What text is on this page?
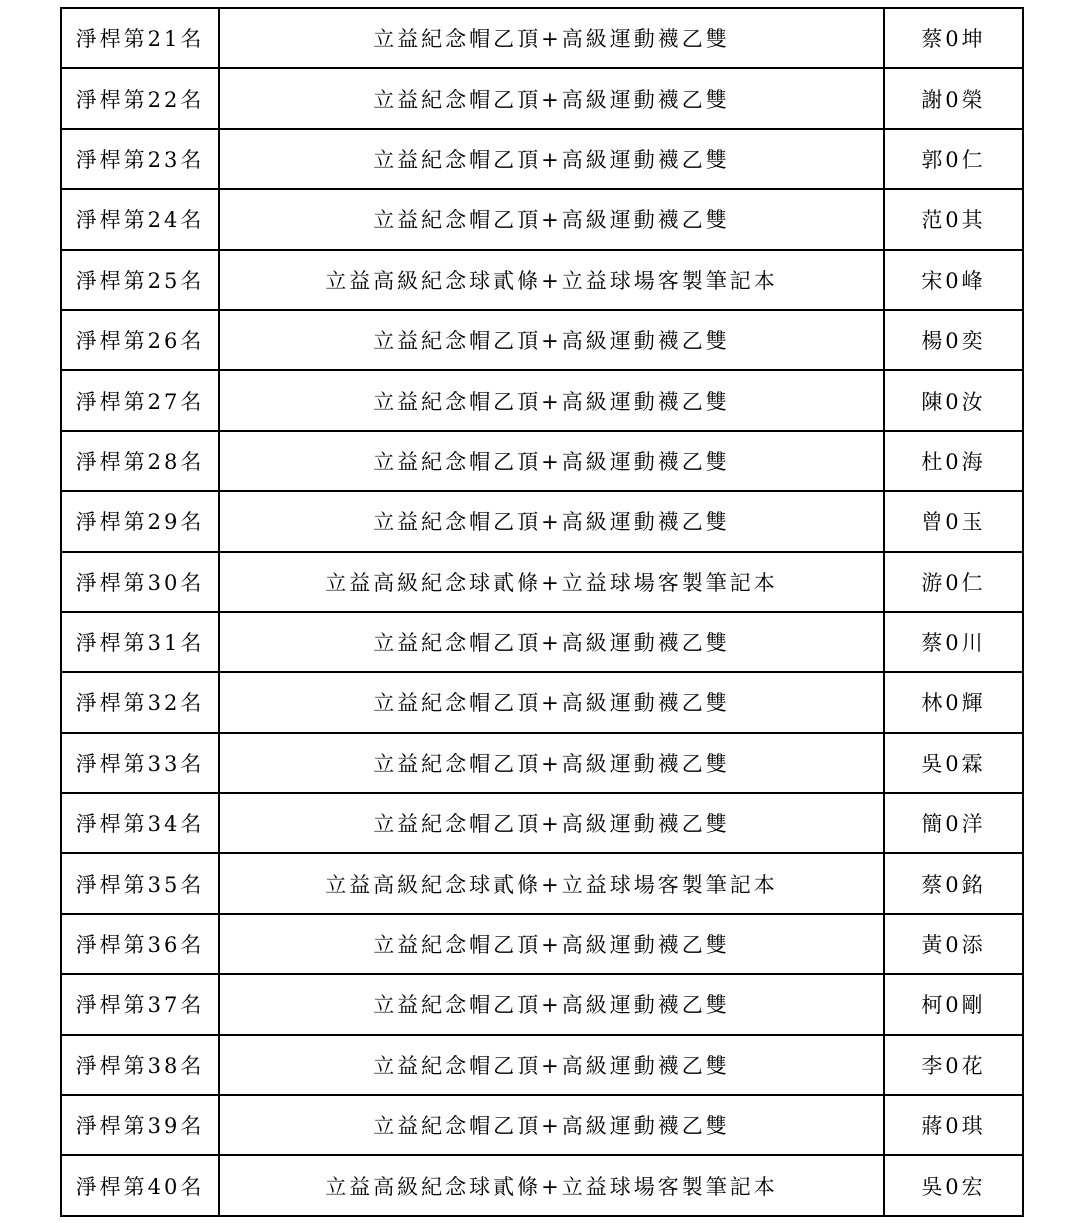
淨桿第21名	立益紀念帽乙頂+高級運動襪乙雙	蔡0坤
淨桿第22名	立益紀念帽乙頂+高級運動襪乙雙	謝0榮
淨桿第23名	立益紀念帽乙頂+高級運動襪乙雙	郭0仁
淨桿第24名	立益紀念帽乙頂+高級運動襪乙雙	范0其
淨桿第25名	立益高級紀念球貳條+立益球場客製筆記本	宋0峰
淨桿第26名	立益紀念帽乙頂+高級運動襪乙雙	楊0奕
淨桿第27名	立益紀念帽乙頂+高級運動襪乙雙	陳0汝
淨桿第28名	立益紀念帽乙頂+高級運動襪乙雙	杜0海
淨桿第29名	立益紀念帽乙頂+高級運動襪乙雙	曾0玉
淨桿第30名	立益高級紀念球貳條+立益球場客製筆記本	游0仁
淨桿第31名	立益紀念帽乙頂+高級運動襪乙雙	蔡0川
淨桿第32名	立益紀念帽乙頂+高級運動襪乙雙	林0輝
淨桿第33名	立益紀念帽乙頂+高級運動襪乙雙	吳0霖
淨桿第34名	立益紀念帽乙頂+高級運動襪乙雙	簡0洋
淨桿第35名	立益高級紀念球貳條+立益球場客製筆記本	蔡0銘
淨桿第36名	立益紀念帽乙頂+高級運動襪乙雙	黃0添
淨桿第37名	立益紀念帽乙頂+高級運動襪乙雙	柯0剛
淨桿第38名	立益紀念帽乙頂+高級運動襪乙雙	李0花
淨桿第39名	立益紀念帽乙頂+高級運動襪乙雙	蔣0琪
淨桿第40名	立益高級紀念球貳條+立益球場客製筆記本	吳0宏
